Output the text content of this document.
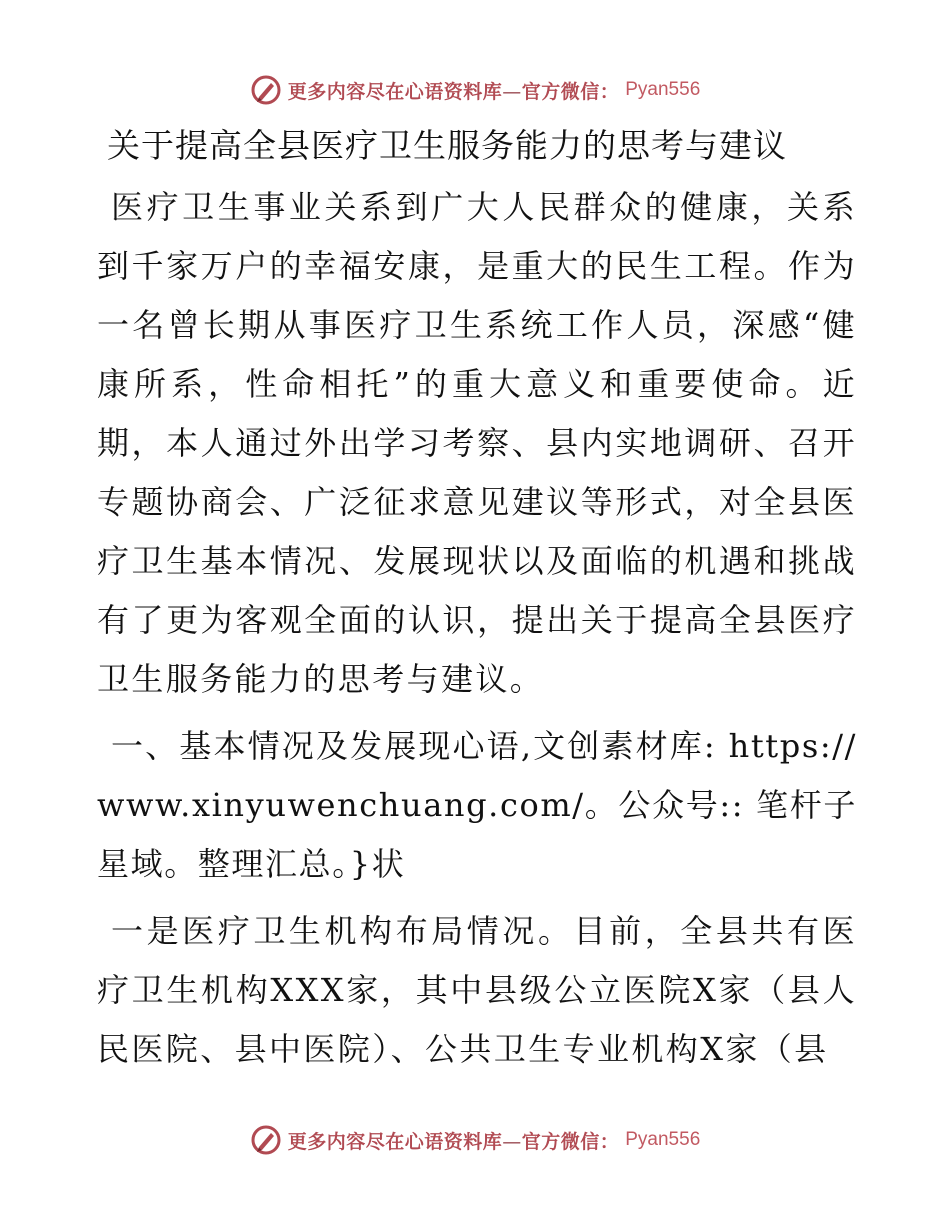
更多内容尽在心语资料库—官方微信： Pyan556
关于提高全县医疗卫生服务能力的思考与建议

医疗卫生事业关系到广大人民群众的健康，关系到千家万户的幸福安康，是重大的民生工程。作为一名曾长期从事医疗卫生系统工作人员，深感“健康所系，性命相托”的重大意义和重要使命。近期，本人通过外出学习考察、县内实地调研、召开专题协商会、广泛征求意见建议等形式，对全县医疗卫生基本情况、发展现状以及面临的机遇和挑战有了更为客观全面的认识，提出关于提高全县医疗卫生服务能力的思考与建议。

一、基本情况及发展现心语,文创素材库: https://www.xinyuwenchuang.com/。公众号:: 笔杆子星域。整理汇总。}状

一是医疗卫生机构布局情况。目前，全县共有医疗卫生机构XXX家，其中县级公立医院X家（县人民医院、县中医院）、公共卫生专业机构X家（县

更多内容尽在心语资料库—官方微信： Pyan556
